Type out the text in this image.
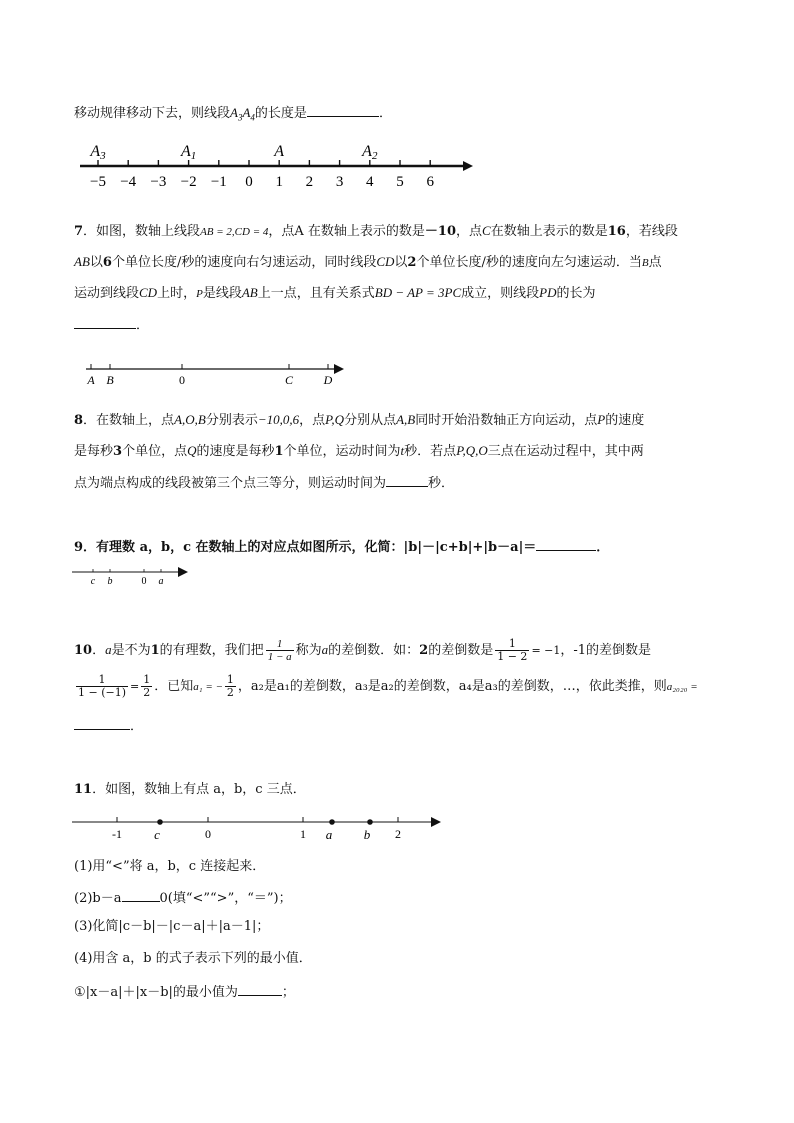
移动规律移动下去，则线段$A_3A_4$的长度是	．
−5 −4 −3 −2 −1 0 1 2 3 4 5 6
A3	A1	A	A2
7．如图，数轴上线段AB = 2,CD = 4，点A 在数轴上表示的数是－10，点C在数轴上表示的数是16，若线段
AB以6个单位长度/秒的速度向右匀速运动，同时线段CD以2个单位长度/秒的速度向左匀速运动．当B点
运动到线段CD上时，P是线段AB上一点，且有关系式BD − AP = 3PC成立，则线段PD的长为
．
A B	0	C	D
8．在数轴上，点A,O,B分别表示−10,0,6，点P,Q分别从点A,B同时开始沿数轴正方向运动，点P的速度
是每秒3个单位，点Q的速度是每秒1个单位，运动时间为t秒．若点P,Q,O三点在运动过程中，其中两
点为端点构成的线段被第三个点三等分，则运动时间为	秒．
9．有理数 a，b，c 在数轴上的对应点如图所示，化简：|b|－|c+b|+|b－a|＝	．
c b	0 a
10．a是不为1的有理数，我们把 $\frac{1}{1 - a}$ 称为a的差倒数．如：2的差倒数是 $\frac{1}{1 - 2} = -1$，-1的差倒数是
$\frac{1}{1 - (-1)} = \frac{1}{2}$ ．已知a₁ = − $\frac{1}{2}$ ，a₂是a₁的差倒数，a₃是a₂的差倒数，a₄是a₃的差倒数，…，依此类推，则a₂₀₂₀ =
．
11．如图，数轴上有点 a，b，c 三点．
-1	0	1	2
c	a b
(1)用“<”将 a，b，c 连接起来．
(2)b－a	0(填“<”“>”，“＝”)；
(3)化简|c－b|－|c－a|＋|a－1|；
(4)用含 a，b 的式子表示下列的最小值．
①|x－a|＋|x－b|的最小值为	；
